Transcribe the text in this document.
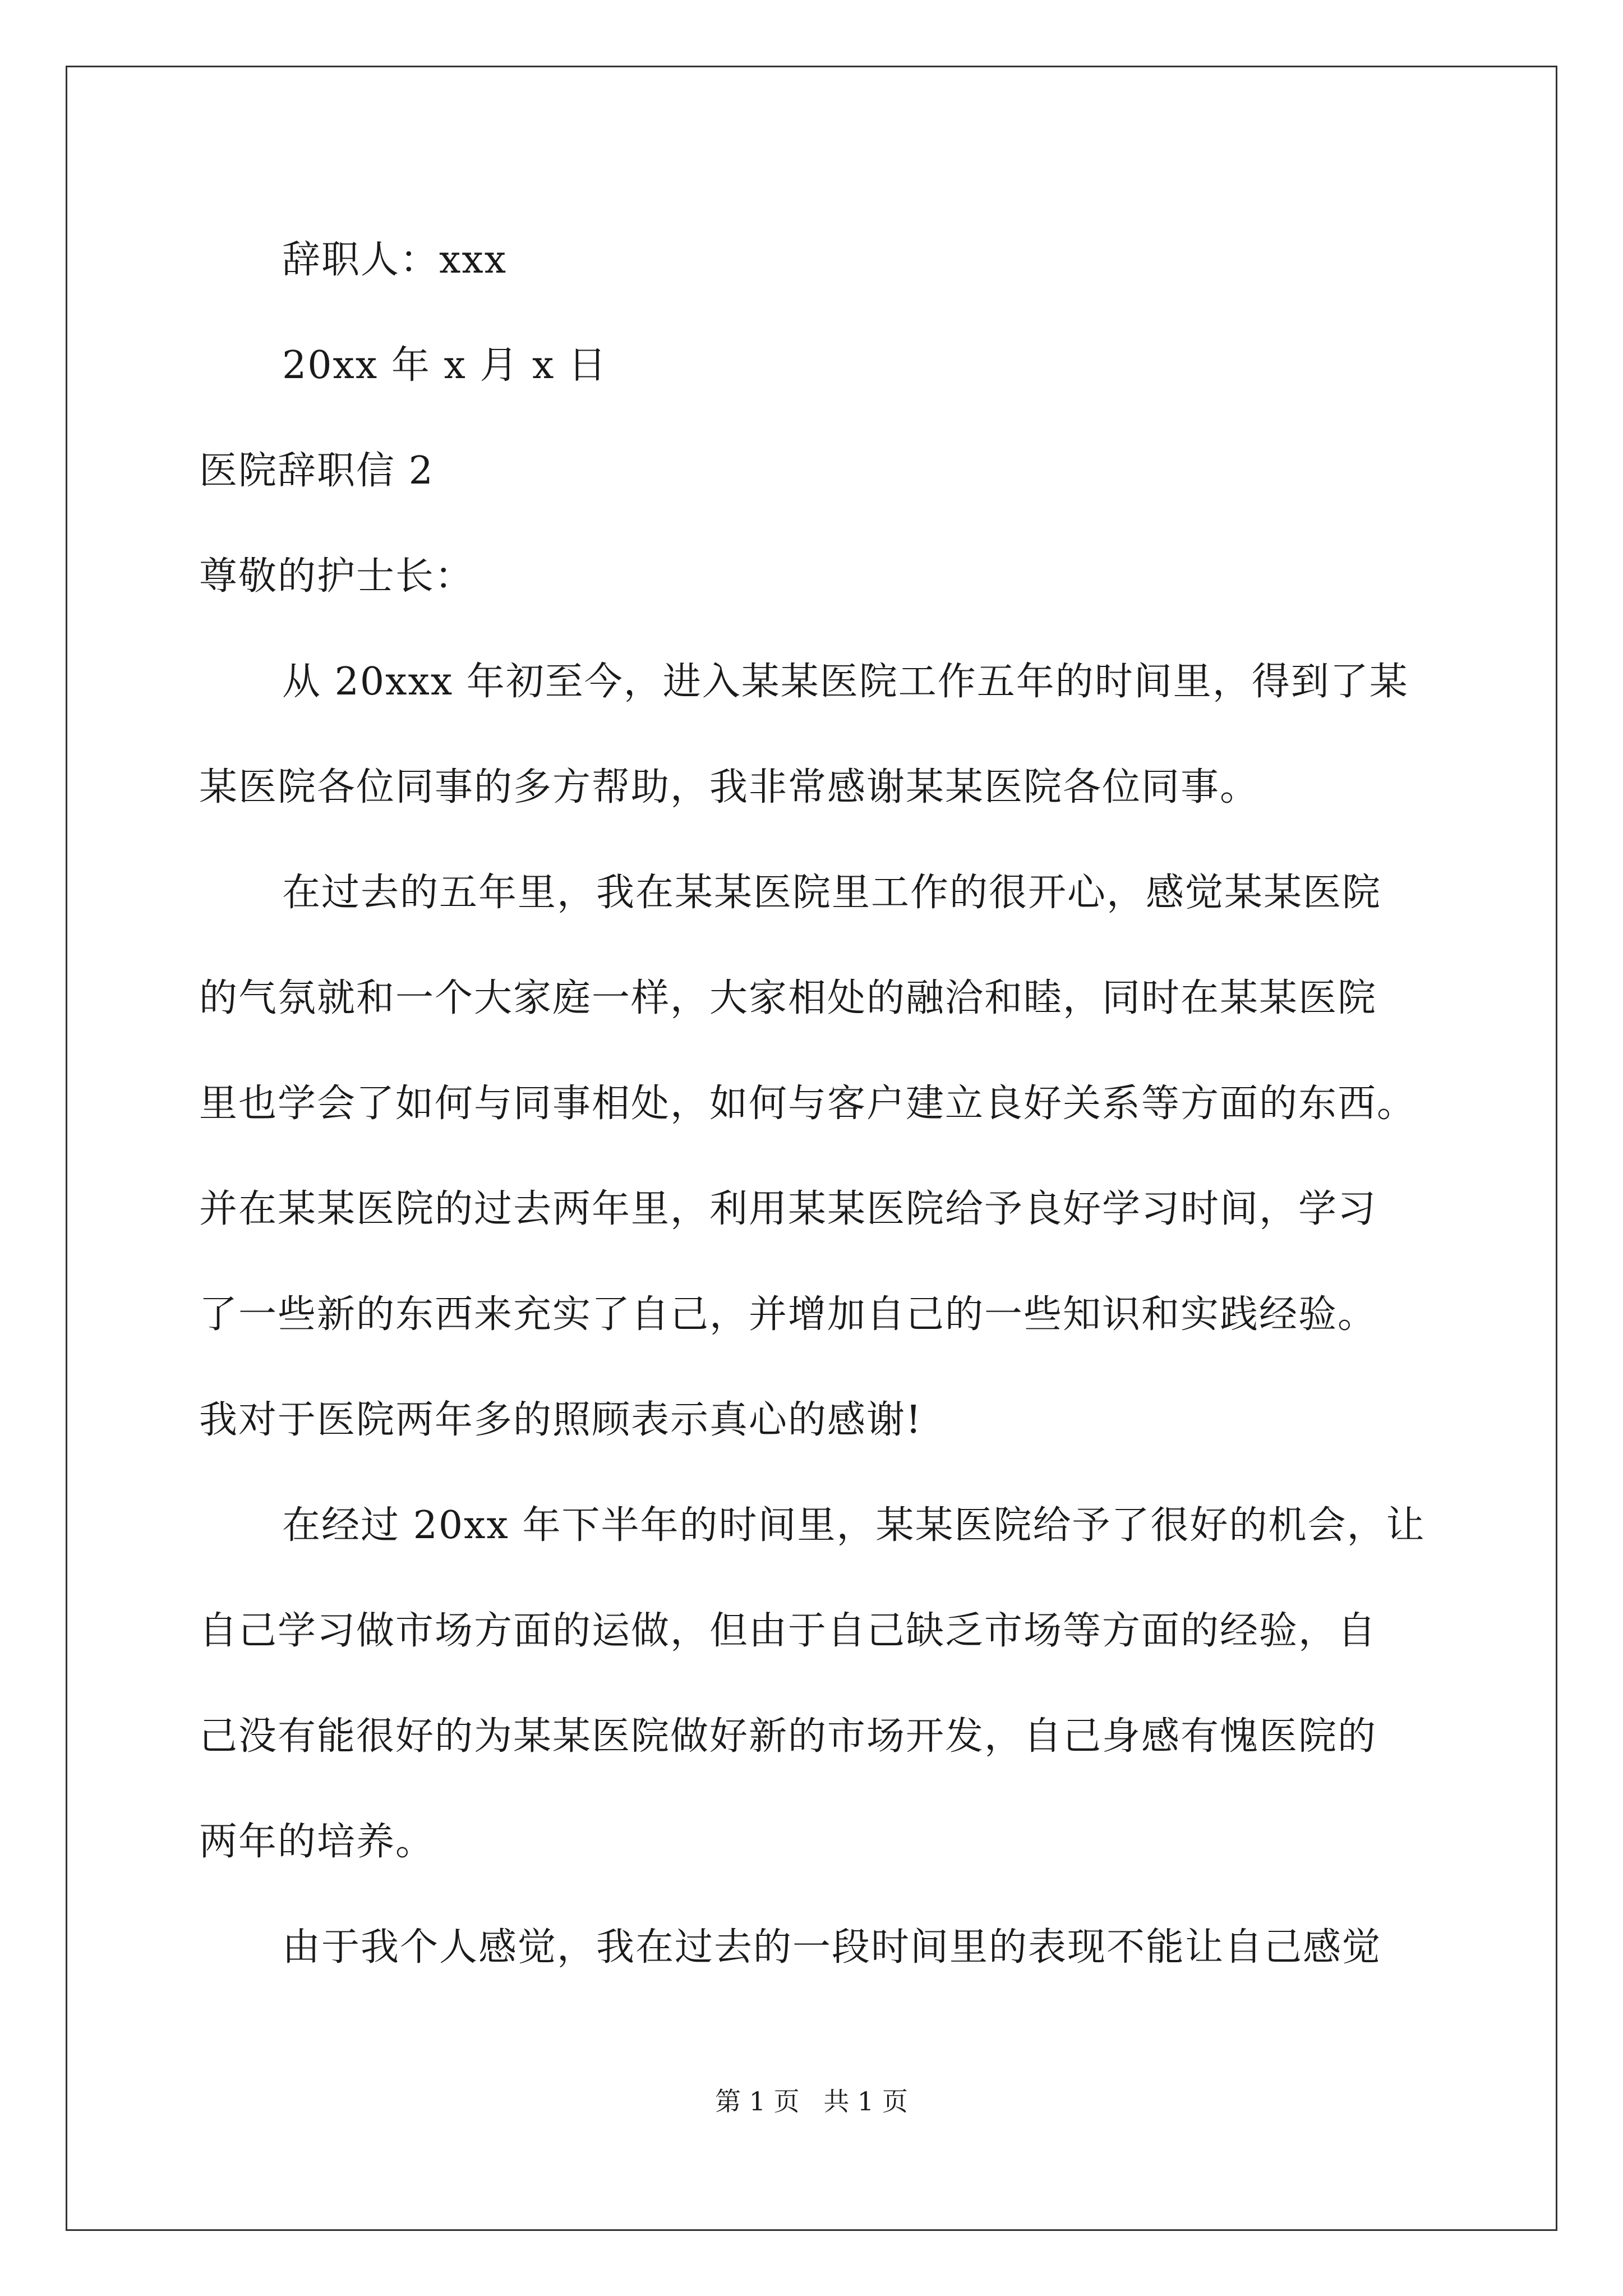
辞职人：xxx
20xx 年 x 月 x 日
医院辞职信 2
尊敬的护士长：
从 20xxx 年初至今，进入某某医院工作五年的时间里，得到了某
某医院各位同事的多方帮助，我非常感谢某某医院各位同事。
在过去的五年里，我在某某医院里工作的很开心，感觉某某医院
的气氛就和一个大家庭一样，大家相处的融洽和睦，同时在某某医院
里也学会了如何与同事相处，如何与客户建立良好关系等方面的东西。
并在某某医院的过去两年里，利用某某医院给予良好学习时间，学习
了一些新的东西来充实了自己，并增加自己的一些知识和实践经验。
我对于医院两年多的照顾表示真心的感谢!
在经过 20xx 年下半年的时间里，某某医院给予了很好的机会，让
自己学习做市场方面的运做，但由于自己缺乏市场等方面的经验，自
己没有能很好的为某某医院做好新的市场开发，自己身感有愧医院的
两年的培养。
由于我个人感觉，我在过去的一段时间里的表现不能让自己感觉
第 1 页 共 1 页
